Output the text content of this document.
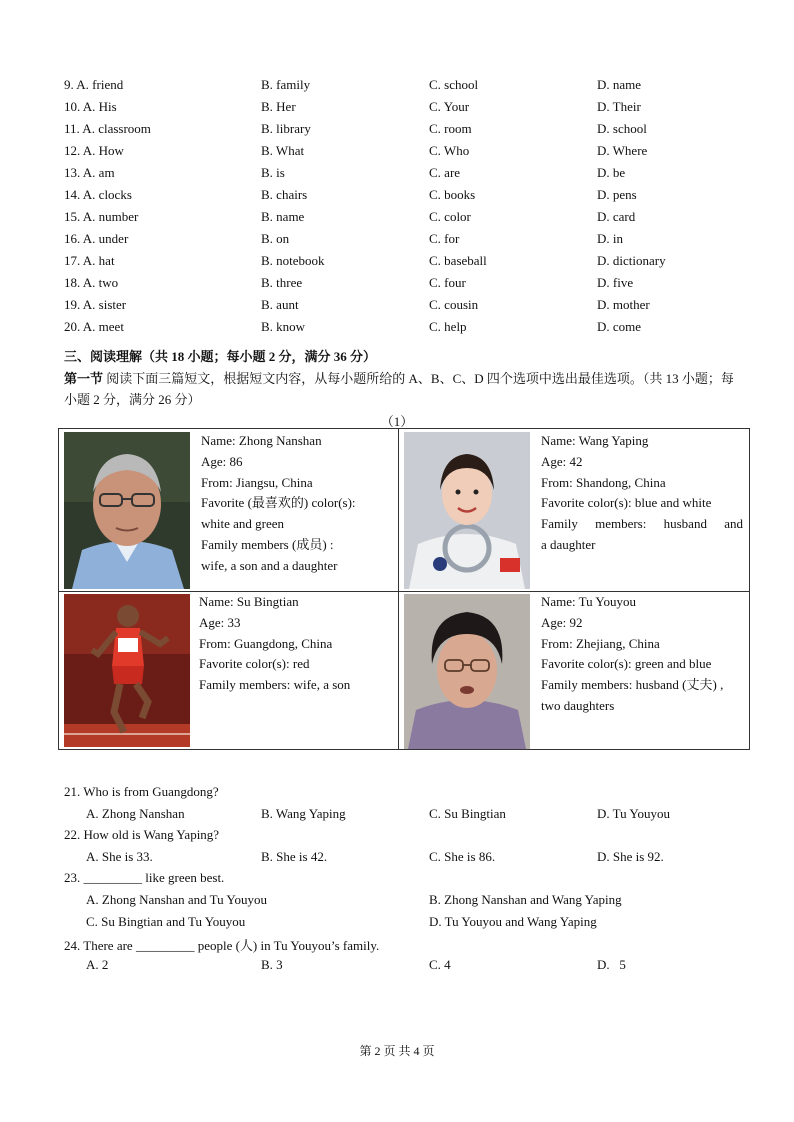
9. A. friend	B. family	C. school	D. name
10. A. His	B. Her	C. Your	D. Their
11. A. classroom	B. library	C. room	D. school
12. A. How	B. What	C. Who	D. Where
13. A. am	B. is	C. are	D. be
14. A. clocks	B. chairs	C. books	D. pens
15. A. number	B. name	C. color	D. card
16. A. under	B. on	C. for	D. in
17. A. hat	B. notebook	C. baseball	D. dictionary
18. A. two	B. three	C. four	D. five
19. A. sister	B. aunt	C. cousin	D. mother
20. A. meet	B. know	C. help	D. come
三、阅读理解（共 18 小题；每小题 2 分，满分 36 分）
第一节 阅读下面三篇短文，根据短文内容，从每小题所给的 A、B、C、D 四个选项中选出最佳选项。（共 13 小题；每小题 2 分，满分 26 分）
（1）
Name: Zhong Nanshan
Age: 86
From: Jiangsu, China
Favorite (最喜欢的) color(s):
white and green
Family members (成员) :
wife, a son and a daughter
Name: Wang Yaping
Age: 42
From: Shandong, China
Favorite color(s): blue and white
Family members: husband and
a daughter
Name: Su Bingtian
Age: 33
From: Guangdong, China
Favorite color(s): red
Family members: wife, a son
Name: Tu Youyou
Age: 92
From: Zhejiang, China
Favorite color(s): green and blue
Family members: husband (丈夫) ,
two daughters
21. Who is from Guangdong?
A. Zhong Nanshan	B. Wang Yaping	C. Su Bingtian	D. Tu Youyou
22. How old is Wang Yaping?
A. She is 33.	B. She is 42.	C. She is 86.	D. She is 92.
23. _________ like green best.
A. Zhong Nanshan and Tu Youyou	B. Zhong Nanshan and Wang Yaping
C. Su Bingtian and Tu Youyou	D. Tu Youyou and Wang Yaping
24. There are _________ people (人) in Tu Youyou’s family.
A. 2	B. 3	C. 4	D.   5
第 2 页 共 4 页
